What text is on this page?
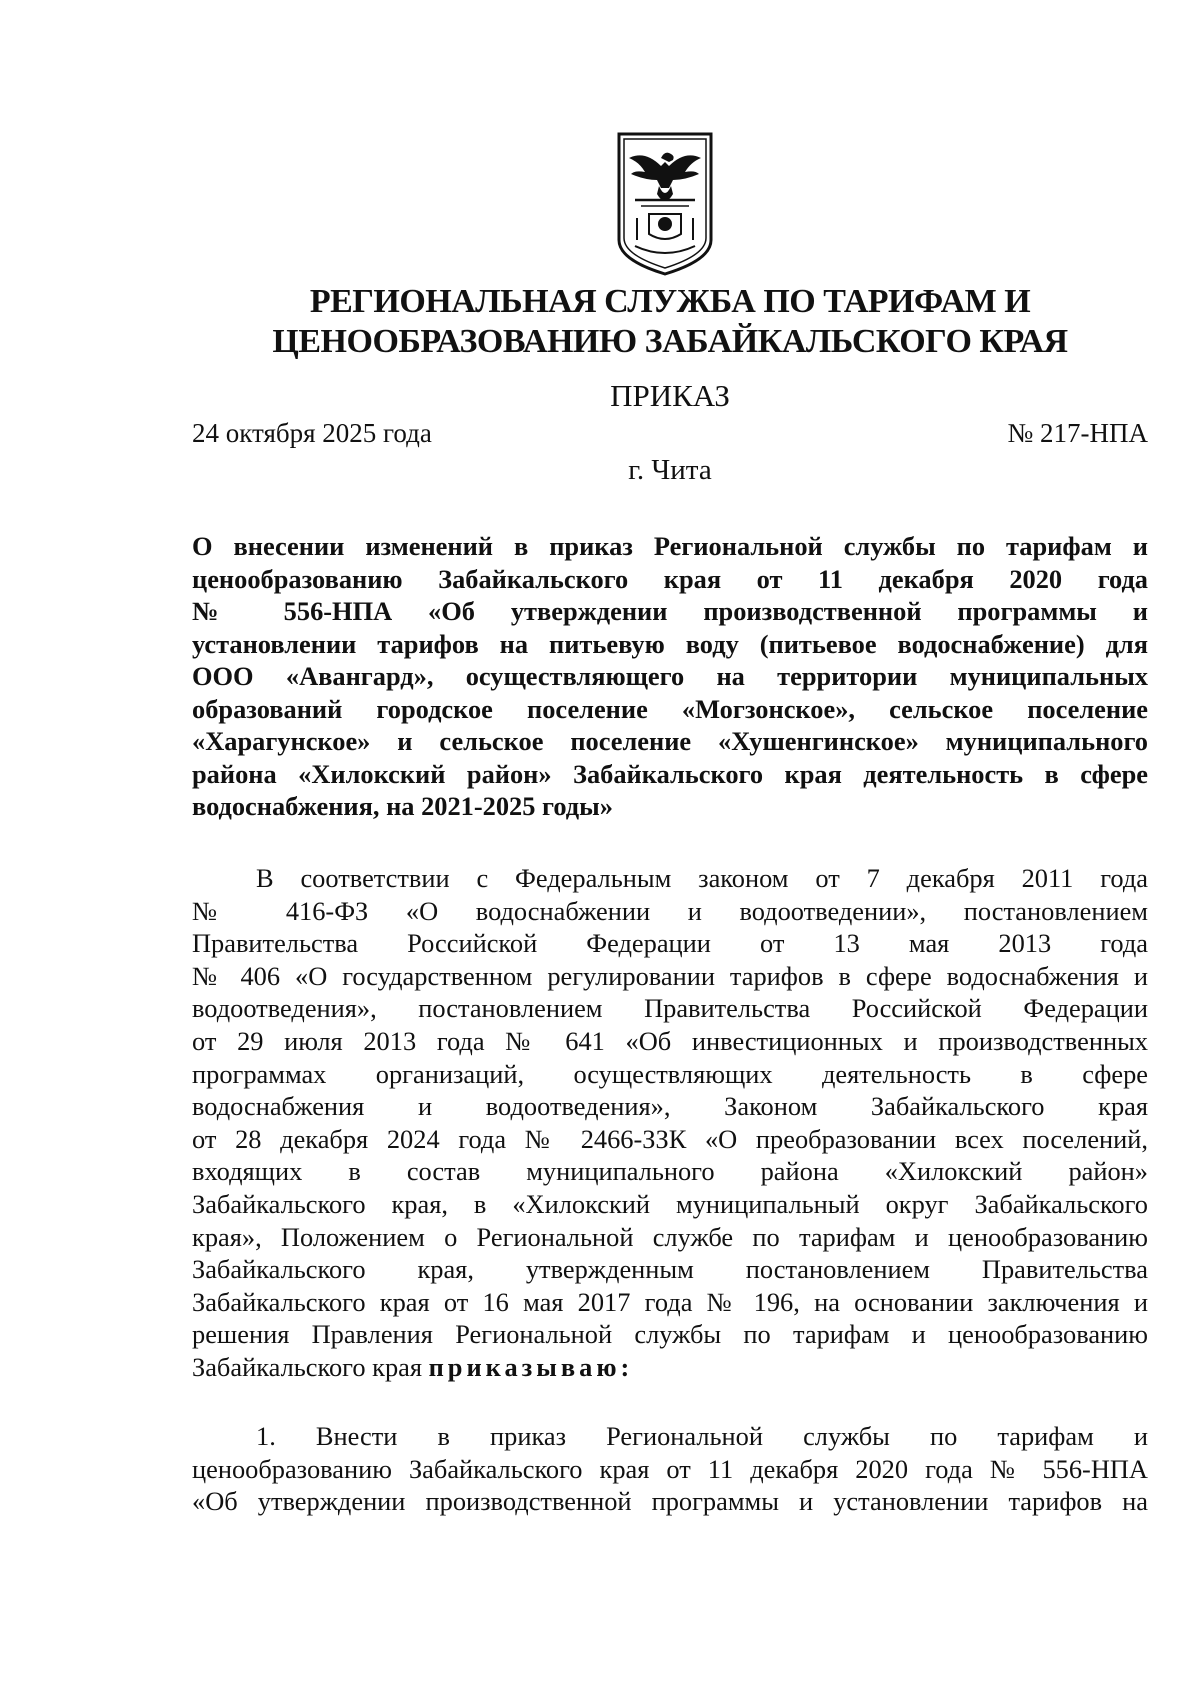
РЕГИОНАЛЬНАЯ СЛУЖБА ПО ТАРИФАМ И
ЦЕНООБРАЗОВАНИЮ ЗАБАЙКАЛЬСКОГО КРАЯ
ПРИКАЗ
24 октября 2025 года	№ 217-НПА
г. Чита
О внесении изменений в приказ Региональной службы по тарифам и
ценообразованию Забайкальского края от 11 декабря 2020 года
№ 556-НПА «Об утверждении производственной программы и
установлении тарифов на питьевую воду (питьевое водоснабжение) для
ООО «Авангард», осуществляющего на территории муниципальных
образований городское поселение «Могзонское», сельское поселение
«Харагунское» и сельское поселение «Хушенгинское» муниципального
района «Хилокский район» Забайкальского края деятельность в сфере
водоснабжения, на 2021-2025 годы»
В соответствии с Федеральным законом от 7 декабря 2011 года
№ 416-ФЗ «О водоснабжении и водоотведении», постановлением
Правительства Российской Федерации от 13 мая 2013 года
№ 406 «О государственном регулировании тарифов в сфере водоснабжения и
водоотведения», постановлением Правительства Российской Федерации
от 29 июля 2013 года № 641 «Об инвестиционных и производственных
программах организаций, осуществляющих деятельность в сфере
водоснабжения и водоотведения», Законом Забайкальского края
от 28 декабря 2024 года № 2466-ЗЗК «О преобразовании всех поселений,
входящих в состав муниципального района «Хилокский район»
Забайкальского края, в «Хилокский муниципальный округ Забайкальского
края», Положением о Региональной службе по тарифам и ценообразованию
Забайкальского края, утвержденным постановлением Правительства
Забайкальского края от 16 мая 2017 года № 196, на основании заключения и
решения Правления Региональной службы по тарифам и ценообразованию
Забайкальского края приказываю:
1. Внести в приказ Региональной службы по тарифам и
ценообразованию Забайкальского края от 11 декабря 2020 года № 556-НПА
«Об утверждении производственной программы и установлении тарифов на
